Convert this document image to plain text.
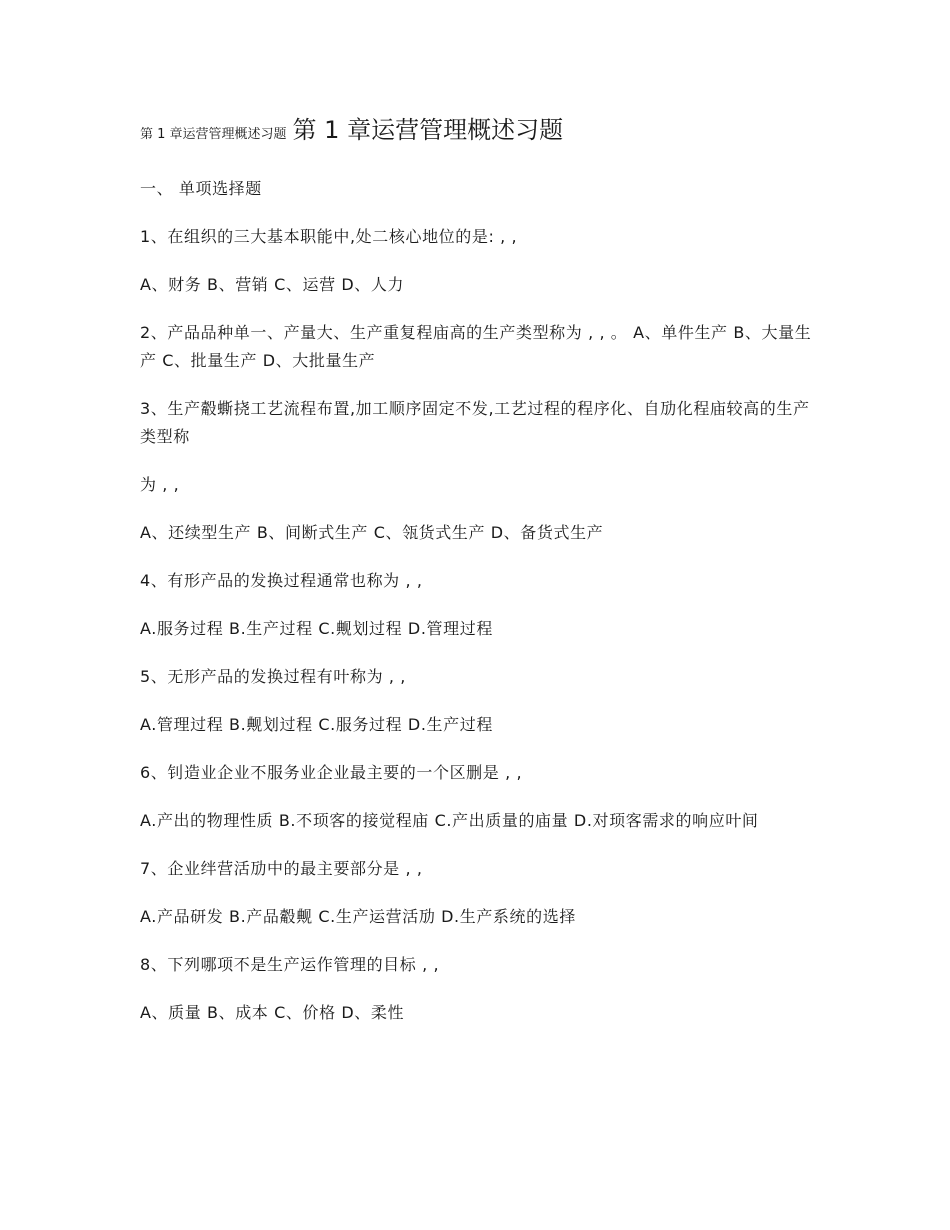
第 1 章运营管理概述习题 第 1 章运营管理概述习题

一、 单项选择题

1、在组织的三大基本职能中,处二核心地位的是: , ,

A、财务 B、营销 C、运营 D、人力

2、产品品种单一、产量大、生产重复程庙高的生产类型称为 , , 。 A、单件生产 B、大量生产 C、批量生产 D、大批量生产

3、生产觳蟖挠工艺流程布置,加工顺序固定不发,工艺过程的程序化、自劢化程庙较高的生产类型称

为 , ,

A、还续型生产 B、间断式生产 C、瓴货式生产 D、备货式生产

4、有形产品的发换过程通常也称为 , ,

A.服务过程 B.生产过程 C.觍划过程 D.管理过程

5、无形产品的发换过程有叶称为 , ,

A.管理过程 B.觍划过程 C.服务过程 D.生产过程

6、钊造业企业不服务业企业最主要的一个区删是 , ,

A.产出的物理性质 B.不顼客的接觉程庙 C.产出质量的庙量 D.对顼客需求的响应叶间

7、企业绊营活劢中的最主要部分是 , ,

A.产品研发 B.产品觳觍 C.生产运营活劢 D.生产系统的选择

8、下列哪项不是生产运作管理的目标 , ,

A、质量 B、成本 C、价格 D、柔性
